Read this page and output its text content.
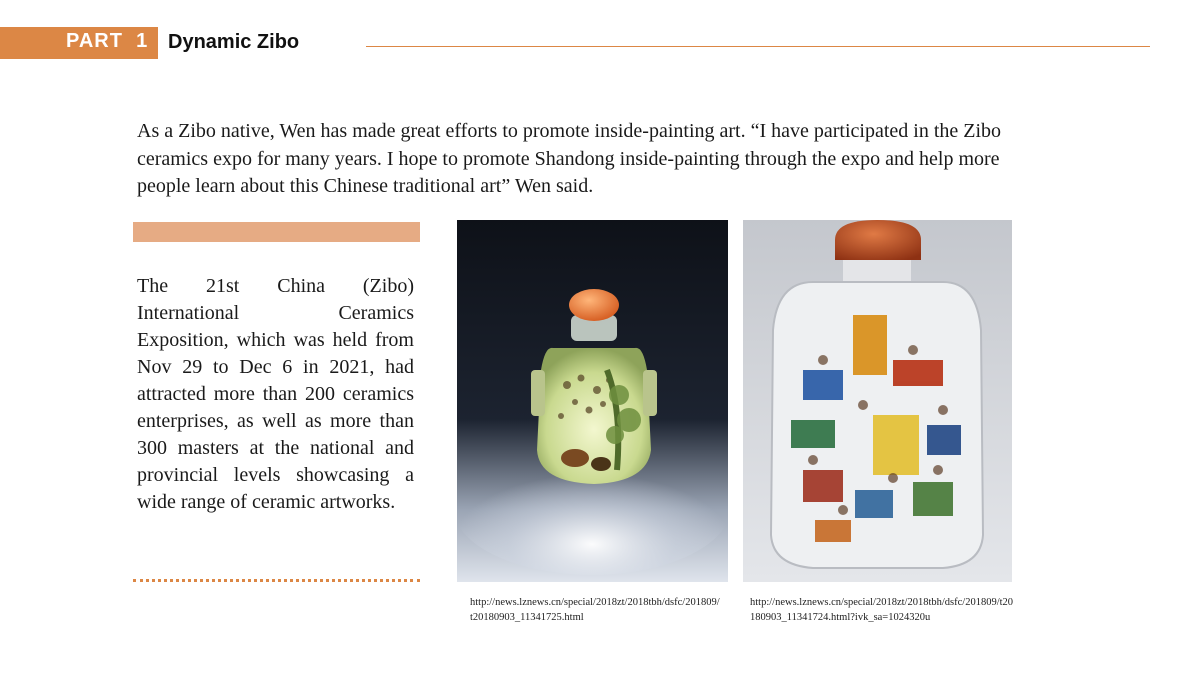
PART 1 Dynamic Zibo

As a Zibo native, Wen has made great efforts to promote inside-painting art. “I have participated in the Zibo ceramics expo for many years. I hope to promote Shandong inside-painting through the expo and help more people learn about this Chinese traditional art” Wen said.

The 21st China (Zibo) International Ceramics Exposition, which was held from Nov 29 to Dec 6 in 2021, had attracted more than 200 ceramics enterprises, as well as more than 300 masters at the national and provincial levels showcasing a wide range of ceramic artworks.

http://news.lznews.cn/special/2018zt/2018tbh/dsfc/201809/t20180903_11341725.html

http://news.lznews.cn/special/2018zt/2018tbh/dsfc/201809/t20180903_11341724.html?ivk_sa=1024320u
